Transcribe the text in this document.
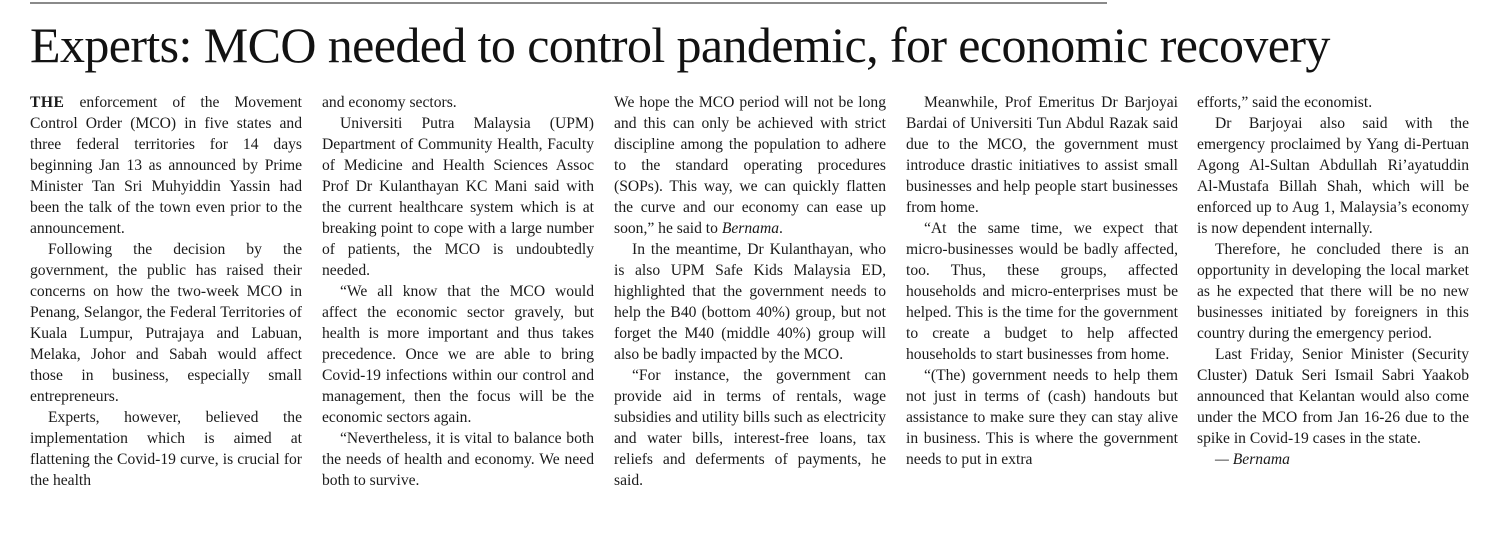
Experts: MCO needed to control pandemic, for economic recovery

THE enforcement of the Movement Control Order (MCO) in five states and three federal territories for 14 days beginning Jan 13 as announced by Prime Minister Tan Sri Muhyiddin Yassin had been the talk of the town even prior to the announcement.

Following the decision by the government, the public has raised their concerns on how the two-week MCO in Penang, Selangor, the Federal Territories of Kuala Lumpur, Putrajaya and Labuan, Melaka, Johor and Sabah would affect those in business, especially small entrepreneurs.

Experts, however, believed the implementation which is aimed at flattening the Covid-19 curve, is crucial for the health

and economy sectors.

Universiti Putra Malaysia (UPM) Department of Community Health, Faculty of Medicine and Health Sciences Assoc Prof Dr Kulanthayan KC Mani said with the current healthcare system which is at breaking point to cope with a large number of patients, the MCO is undoubtedly needed.

“We all know that the MCO would affect the economic sector gravely, but health is more important and thus takes precedence. Once we are able to bring Covid-19 infections within our control and management, then the focus will be the economic sectors again.

“Nevertheless, it is vital to balance both the needs of health and economy. We need both to survive.

We hope the MCO period will not be long and this can only be achieved with strict discipline among the population to adhere to the standard operating procedures (SOPs). This way, we can quickly flatten the curve and our economy can ease up soon,” he said to Bernama.

In the meantime, Dr Kulanthayan, who is also UPM Safe Kids Malaysia ED, highlighted that the government needs to help the B40 (bottom 40%) group, but not forget the M40 (middle 40%) group will also be badly impacted by the MCO.

“For instance, the government can provide aid in terms of rentals, wage subsidies and utility bills such as electricity and water bills, interest-free loans, tax reliefs and deferments of payments, he said.

Meanwhile, Prof Emeritus Dr Barjoyai Bardai of Universiti Tun Abdul Razak said due to the MCO, the government must introduce drastic initiatives to assist small businesses and help people start businesses from home.

“At the same time, we expect that micro-businesses would be badly affected, too. Thus, these groups, affected households and micro-enterprises must be helped. This is the time for the government to create a budget to help affected households to start businesses from home.

“(The) government needs to help them not just in terms of (cash) handouts but assistance to make sure they can stay alive in business. This is where the government needs to put in extra

efforts,” said the economist.

Dr Barjoyai also said with the emergency proclaimed by Yang di-Pertuan Agong Al-Sultan Abdullah Ri’ayatuddin Al-Mustafa Billah Shah, which will be enforced up to Aug 1, Malaysia’s economy is now dependent internally.

Therefore, he concluded there is an opportunity in developing the local market as he expected that there will be no new businesses initiated by foreigners in this country during the emergency period.

Last Friday, Senior Minister (Security Cluster) Datuk Seri Ismail Sabri Yaakob announced that Kelantan would also come under the MCO from Jan 16-26 due to the spike in Covid-19 cases in the state.

— Bernama
